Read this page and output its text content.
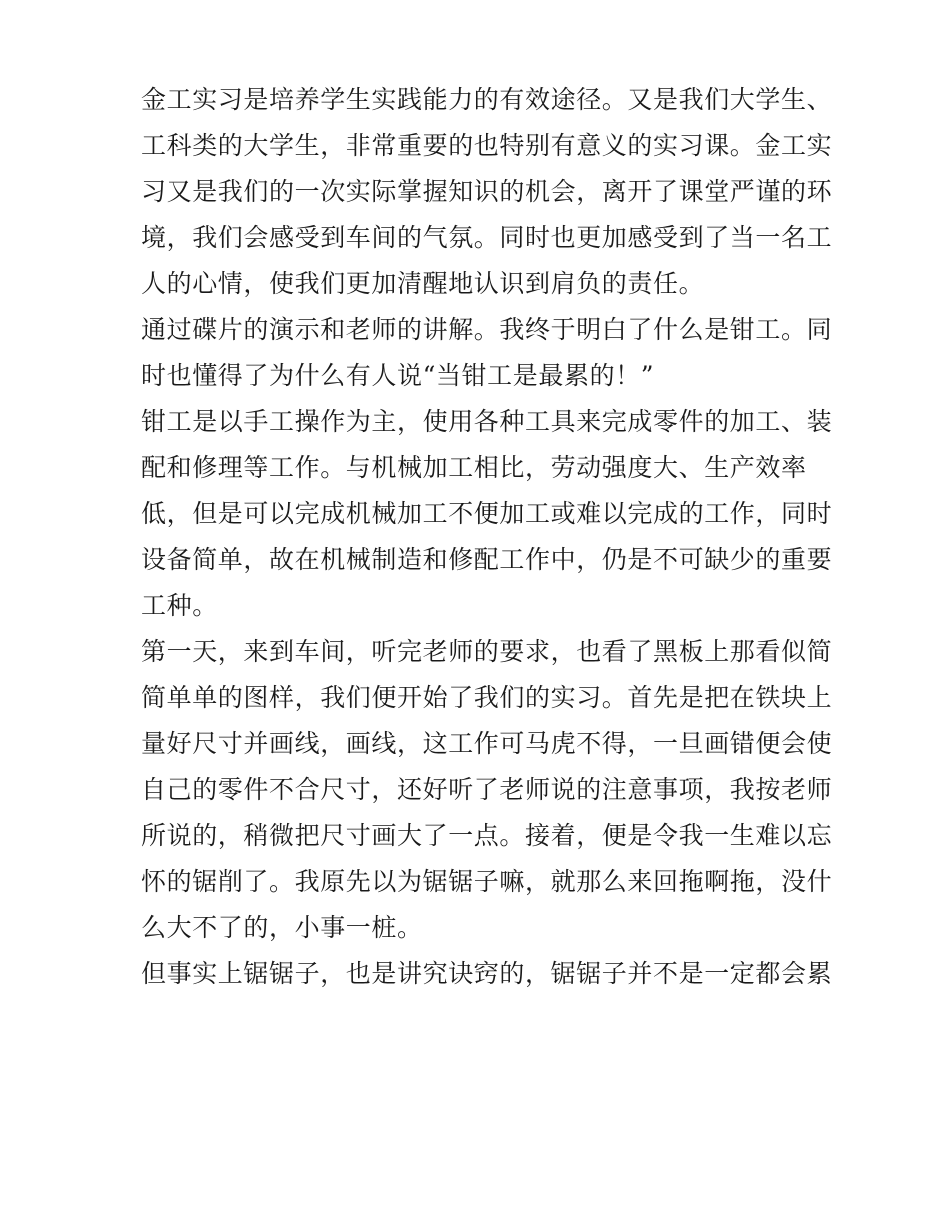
金工实习是培养学生实践能力的有效途径。又是我们大学生、
工科类的大学生，非常重要的也特别有意义的实习课。金工实
习又是我们的一次实际掌握知识的机会，离开了课堂严谨的环
境，我们会感受到车间的气氛。同时也更加感受到了当一名工
人的心情，使我们更加清醒地认识到肩负的责任。
通过碟片的演示和老师的讲解。我终于明白了什么是钳工。同
时也懂得了为什么有人说“当钳工是最累的！”
钳工是以手工操作为主，使用各种工具来完成零件的加工、装
配和修理等工作。与机械加工相比，劳动强度大、生产效率
低，但是可以完成机械加工不便加工或难以完成的工作，同时
设备简单，故在机械制造和修配工作中，仍是不可缺少的重要
工种。
第一天，来到车间，听完老师的要求，也看了黑板上那看似简
简单单的图样，我们便开始了我们的实习。首先是把在铁块上
量好尺寸并画线，画线，这工作可马虎不得，一旦画错便会使
自己的零件不合尺寸，还好听了老师说的注意事项，我按老师
所说的，稍微把尺寸画大了一点。接着，便是令我一生难以忘
怀的锯削了。我原先以为锯锯子嘛，就那么来回拖啊拖，没什
么大不了的，小事一桩。
但事实上锯锯子，也是讲究诀窍的，锯锯子并不是一定都会累
